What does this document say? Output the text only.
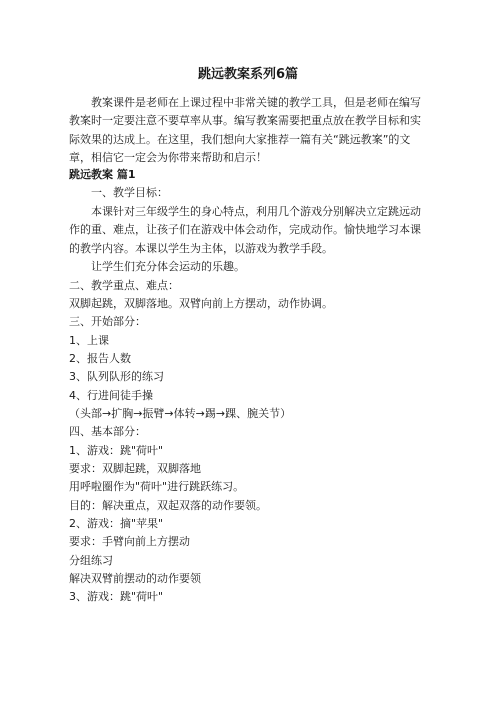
跳远教案系列6篇
教案课件是老师在上课过程中非常关键的教学工具，但是老师在编写教案时一定要注意不要草率从事。编写教案需要把重点放在教学目标和实际效果的达成上。在这里，我们想向大家推荐一篇有关“跳远教案”的文章，相信它一定会为你带来帮助和启示！
跳远教案 篇1
一、教学目标：
本课针对三年级学生的身心特点，利用几个游戏分别解决立定跳远动作的重、难点，让孩子们在游戏中体会动作，完成动作。愉快地学习本课的教学内容。本课以学生为主体，以游戏为教学手段。
让学生们充分体会运动的乐趣。
二、教学重点、难点：
双脚起跳，双脚落地。双臂向前上方摆动，动作协调。
三、开始部分：
1、上课
2、报告人数
3、队列队形的练习
4、行进间徒手操
（头部→扩胸→振臂→体转→踢→踝、腕关节）
四、基本部分：
1、游戏：跳"荷叶"
要求：双脚起跳，双脚落地
用呼啦圈作为"荷叶"进行跳跃练习。
目的：解决重点，双起双落的动作要领。
2、游戏：摘"苹果"
要求：手臂向前上方摆动
分组练习
解决双臂前摆动的动作要领
3、游戏：跳"荷叶"
